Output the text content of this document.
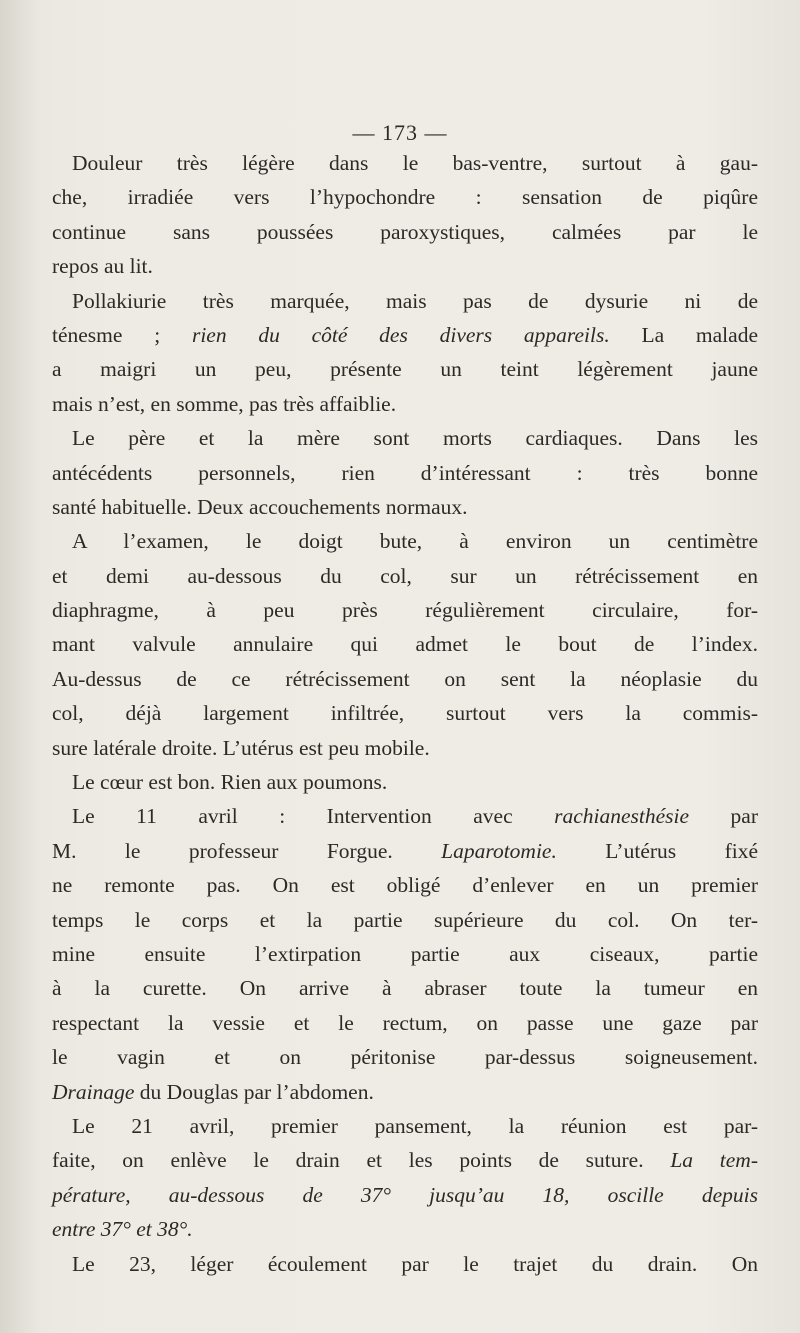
— 173 —
Douleur très légère dans le bas-ventre, surtout à gau-
che, irradiée vers l’hypochondre : sensation de piqûre
continue sans poussées paroxystiques, calmées par le
repos au lit.
Pollakiurie très marquée, mais pas de dysurie ni de
ténesme ; rien du côté des divers appareils. La malade
a maigri un peu, présente un teint légèrement jaune
mais n’est, en somme, pas très affaiblie.
Le père et la mère sont morts cardiaques. Dans les
antécédents personnels, rien d’intéressant : très bonne
santé habituelle. Deux accouchements normaux.
A l’examen, le doigt bute, à environ un centimètre
et demi au-dessous du col, sur un rétrécissement en
diaphragme, à peu près régulièrement circulaire, for-
mant valvule annulaire qui admet le bout de l’index.
Au-dessus de ce rétrécissement on sent la néoplasie du
col, déjà largement infiltrée, surtout vers la commis-
sure latérale droite. L’utérus est peu mobile.
Le cœur est bon. Rien aux poumons.
Le 11 avril : Intervention avec rachianesthésie par
M. le professeur Forgue. Laparotomie. L’utérus fixé
ne remonte pas. On est obligé d’enlever en un premier
temps le corps et la partie supérieure du col. On ter-
mine ensuite l’extirpation partie aux ciseaux, partie
à la curette. On arrive à abraser toute la tumeur en
respectant la vessie et le rectum, on passe une gaze par
le vagin et on péritonise par-dessus soigneusement.
Drainage du Douglas par l’abdomen.
Le 21 avril, premier pansement, la réunion est par-
faite, on enlève le drain et les points de suture. La tem-
pérature, au-dessous de 37° jusqu’au 18, oscille depuis
entre 37° et 38°.
Le 23, léger écoulement par le trajet du drain. On
